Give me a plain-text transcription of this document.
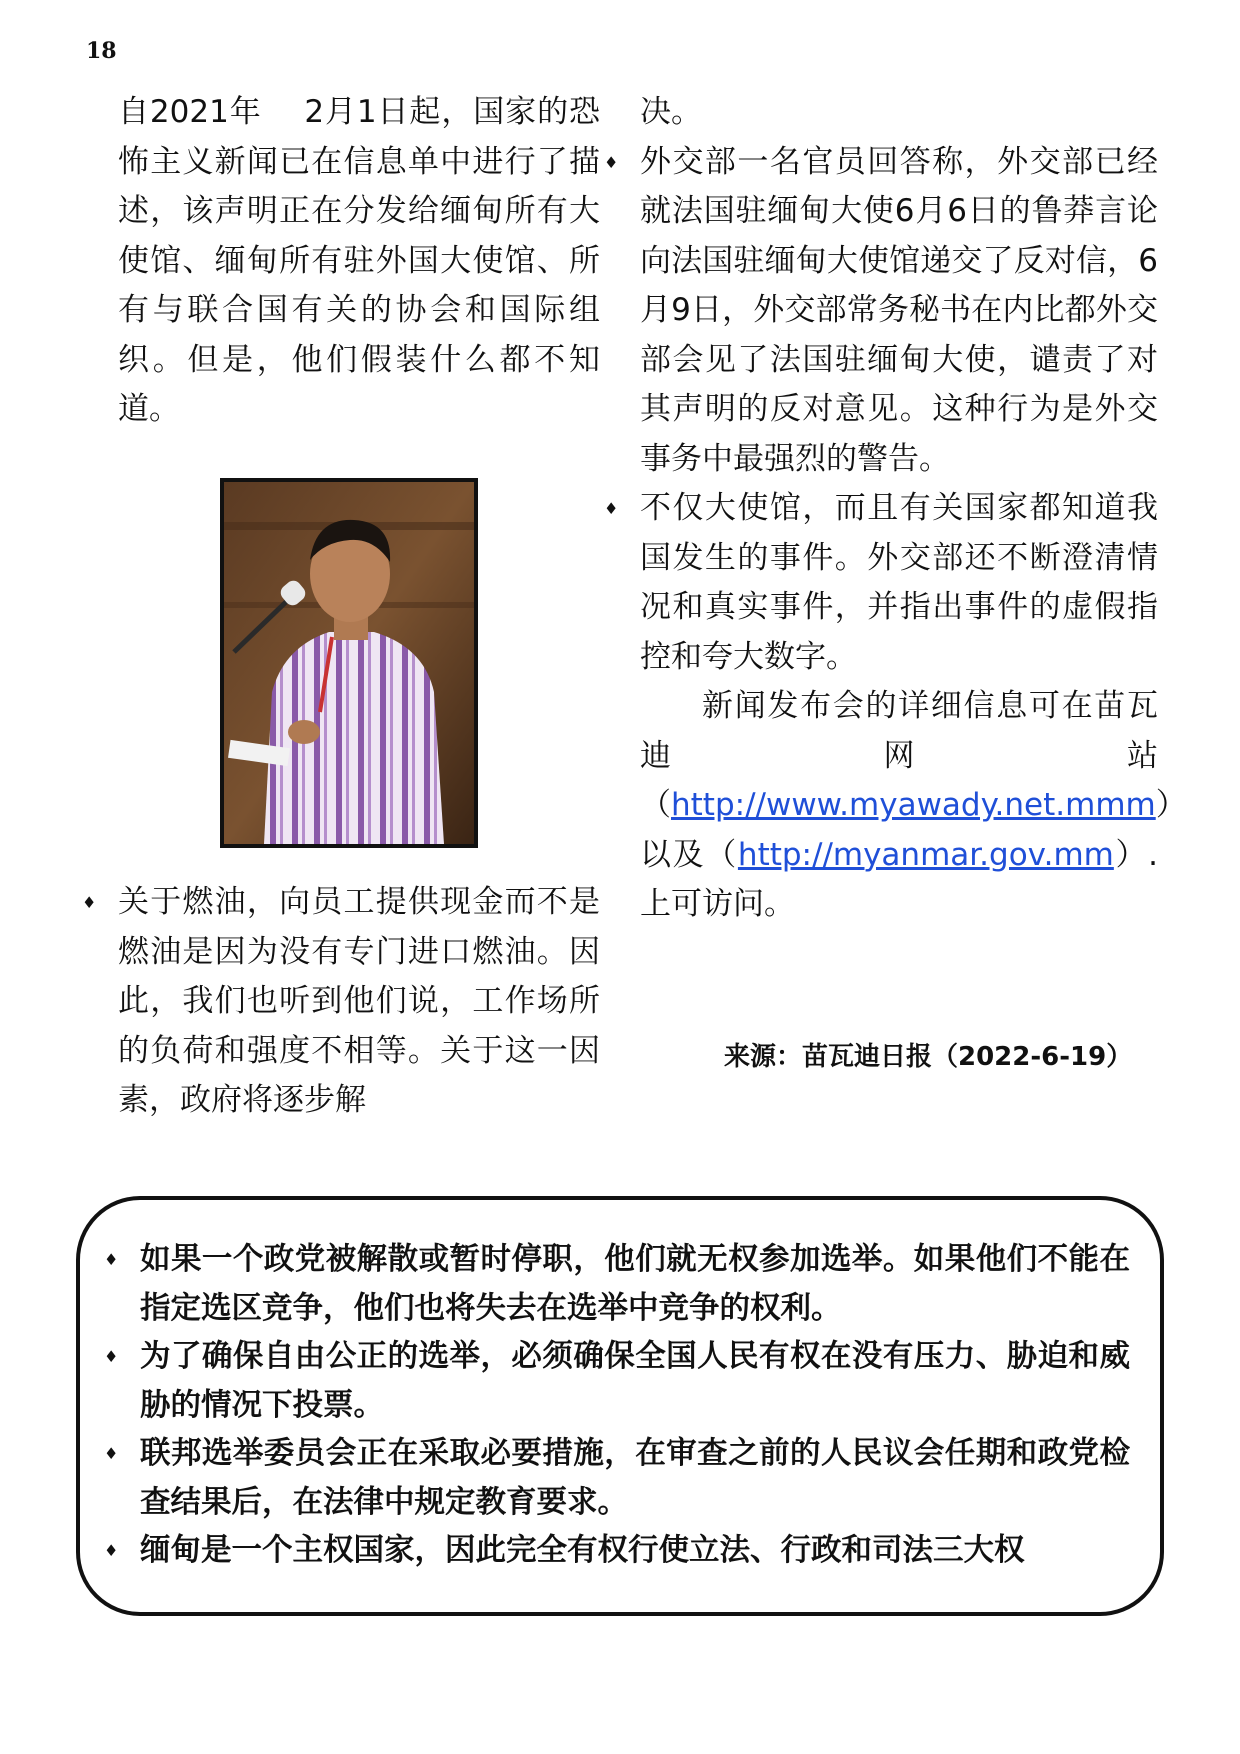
18

自2021年　 2月1日起，国家的恐怖主义新闻已在信息单中进行了描述，该声明正在分发给缅甸所有大使馆、缅甸所有驻外国大使馆、所有与联合国有关的协会和国际组织。但是，他们假装什么都不知道。

♦ 关于燃油，向员工提供现金而不是燃油是因为没有专门进口燃油。因此，我们也听到他们说，工作场所的负荷和强度不相等。关于这一因素，政府将逐步解

决。

♦ 外交部一名官员回答称，外交部已经就法国驻缅甸大使6月6日的鲁莽言论向法国驻缅甸大使馆递交了反对信，6月9日，外交部常务秘书在内比都外交部会见了法国驻缅甸大使，谴责了对其声明的反对意见。这种行为是外交事务中最强烈的警告。

♦ 不仅大使馆，而且有关国家都知道我国发生的事件。外交部还不断澄清情况和真实事件，并指出事件的虚假指控和夸大数字。

新闻发布会的详细信息可在苗瓦迪网站（http://www.myawady.net.mmm）以及（http://myanmar.gov.mm）. 上可访问。

来源：苗瓦迪日报（2022-6-19）

♦ 如果一个政党被解散或暂时停职，他们就无权参加选举。如果他们不能在指定选区竞争，他们也将失去在选举中竞争的权利。

♦ 为了确保自由公正的选举，必须确保全国人民有权在没有压力、胁迫和威胁的情况下投票。

♦ 联邦选举委员会正在采取必要措施，在审查之前的人民议会任期和政党检查结果后，在法律中规定教育要求。

♦ 缅甸是一个主权国家，因此完全有权行使立法、行政和司法三大权
